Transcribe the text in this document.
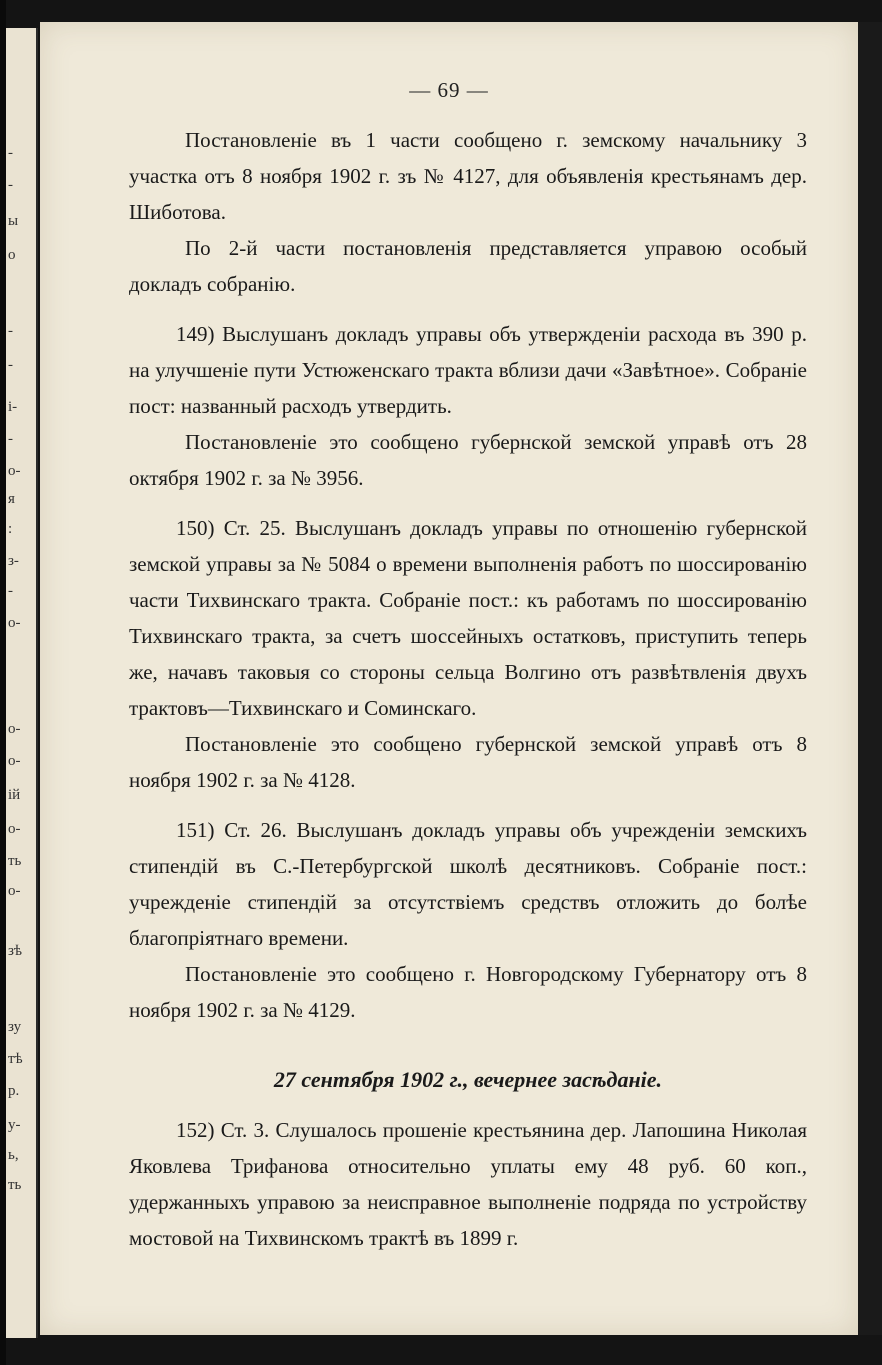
-
-
ы
о
-
-
і-
-
о-
я
:
з-
-
о-
о-
о-
ій
о-
ть
о-
зѣ
зу
тѣ
р.
у-
ь,
ть
— 69 —

Постановленіе въ 1 части сообщено г. земскому начальнику 3 участка отъ 8 ноября 1902 г. зъ № 4127, для объявленія крестьянамъ дер. Шиботова.

По 2-й части постановленія представляется управою особый докладъ собранію.

149) Выслушанъ докладъ управы объ утвержденіи расхода въ 390 р. на улучшеніе пути Устюженскаго тракта вблизи дачи «Завѣтное». Собраніе пост: названный расходъ утвердить.

Постановленіе это сообщено губернской земской управѣ отъ 28 октября 1902 г. за № 3956.

150) Ст. 25. Выслушанъ докладъ управы по отношенію губернской земской управы за № 5084 о времени выполненія работъ по шоссированію части Тихвинскаго тракта. Собраніе пост.: къ работамъ по шоссированію Тихвинскаго тракта, за счетъ шоссейныхъ остатковъ, приступить теперь же, начавъ таковыя со стороны сельца Волгино отъ развѣтвленія двухъ трактовъ—Тихвинскаго и Соминскаго.

Постановленіе это сообщено губернской земской управѣ отъ 8 ноября 1902 г. за № 4128.

151) Ст. 26. Выслушанъ докладъ управы объ учрежденіи земскихъ стипендій въ С.-Петербургской школѣ десятниковъ. Собраніе пост.: учрежденіе стипендій за отсутствіемъ средствъ отложить до болѣе благопріятнаго времени.

Постановленіе это сообщено г. Новгородскому Губернатору отъ 8 ноября 1902 г. за № 4129.

27 сентября 1902 г., вечернее засѣданіе.

152) Ст. 3. Слушалось прошеніе крестьянина дер. Лапошина Николая Яковлева Трифанова относительно уплаты ему 48 руб. 60 коп., удержанныхъ управою за неисправное выполненіе подряда по устройству мостовой на Тихвинскомъ трактѣ въ 1899 г.
